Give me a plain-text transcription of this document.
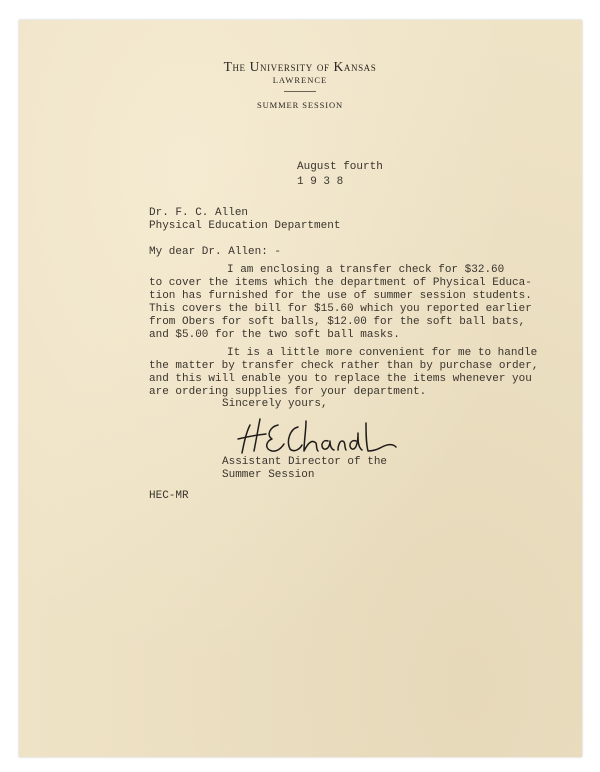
The University of Kansas
LAWRENCE
SUMMER SESSION
August fourth
1 9 3 8
Dr. F. C. Allen
Physical Education Department
My dear Dr. Allen: -
I am enclosing a transfer check for $32.60
to cover the items which the department of Physical Educa-
tion has furnished for the use of summer session students.
This covers the bill for $15.60 which you reported earlier
from Obers for soft balls, $12.00 for the soft ball bats,
and $5.00 for the two soft ball masks.
It is a little more convenient for me to handle
the matter by transfer check rather than by purchase order,
and this will enable you to replace the items whenever you
are ordering supplies for your department.
Sincerely yours,
Assistant Director of the
Summer Session
HEC-MR
